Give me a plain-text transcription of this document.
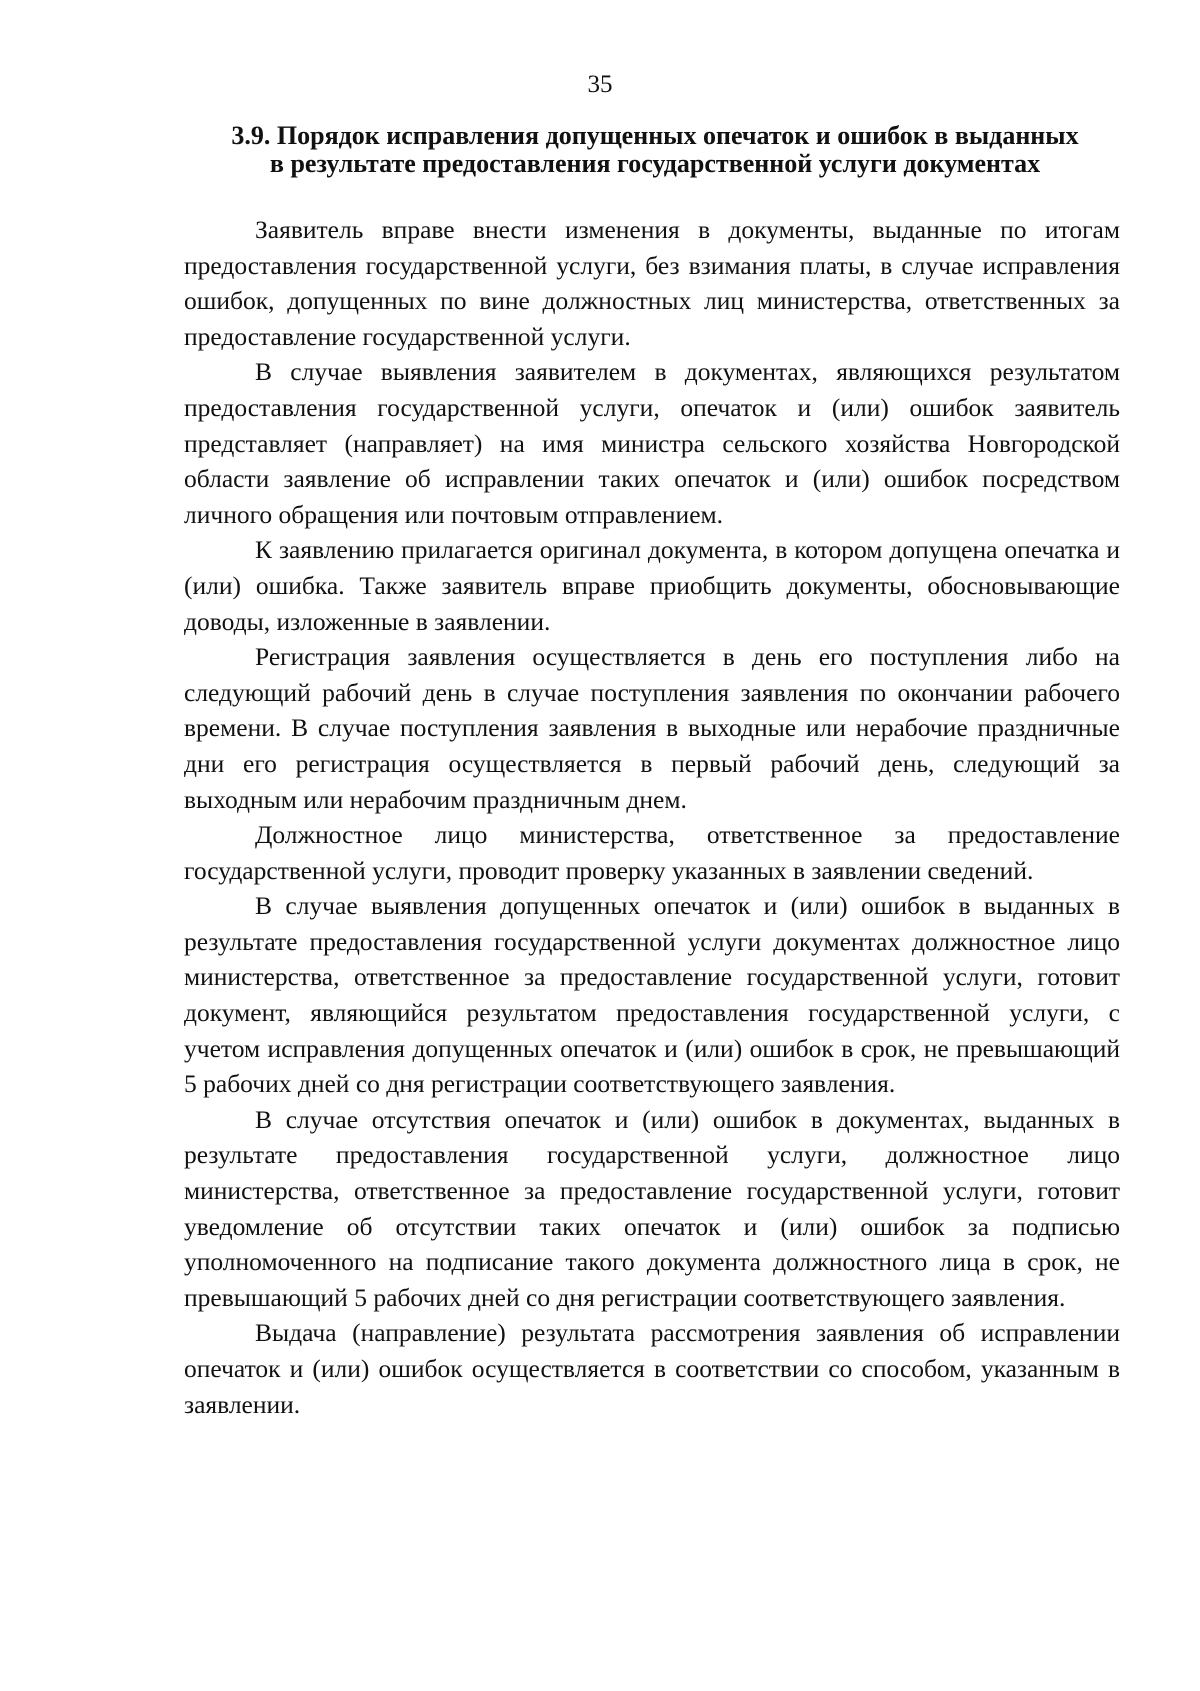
35
3.9. Порядок исправления допущенных опечаток и ошибок в выданных
в результате предоставления государственной услуги документах

Заявитель вправе внести изменения в документы, выданные по итогам предоставления государственной услуги, без взимания платы, в случае исправления ошибок, допущенных по вине должностных лиц министерства, ответственных за предоставление государственной услуги.

В случае выявления заявителем в документах, являющихся результатом предоставления государственной услуги, опечаток и (или) ошибок заявитель представляет (направляет) на имя министра сельского хозяйства Новгородской области заявление об исправлении таких опечаток и (или) ошибок посредством личного обращения или почтовым отправлением.

К заявлению прилагается оригинал документа, в котором допущена опечатка и (или) ошибка. Также заявитель вправе приобщить документы, обосновывающие доводы, изложенные в заявлении.

Регистрация заявления осуществляется в день его поступления либо на следующий рабочий день в случае поступления заявления по окончании рабочего времени. В случае поступления заявления в выходные или нерабочие праздничные дни его регистрация осуществляется в первый рабочий день, следующий за выходным или нерабочим праздничным днем.

Должностное лицо министерства, ответственное за предоставление государственной услуги, проводит проверку указанных в заявлении сведений.

В случае выявления допущенных опечаток и (или) ошибок в выданных в результате предоставления государственной услуги документах должностное лицо министерства, ответственное за предоставление государственной услуги, готовит документ, являющийся результатом предоставления государственной услуги, с учетом исправления допущенных опечаток и (или) ошибок в срок, не превышающий 5 рабочих дней со дня регистрации соответствующего заявления.

В случае отсутствия опечаток и (или) ошибок в документах, выданных в результате предоставления государственной услуги, должностное лицо министерства, ответственное за предоставление государственной услуги, готовит уведомление об отсутствии таких опечаток и (или) ошибок за подписью уполномоченного на подписание такого документа должностного лица в срок, не превышающий 5 рабочих дней со дня регистрации соответствующего заявления.

Выдача (направление) результата рассмотрения заявления об исправлении опечаток и (или) ошибок осуществляется в соответствии со способом, указанным в заявлении.
